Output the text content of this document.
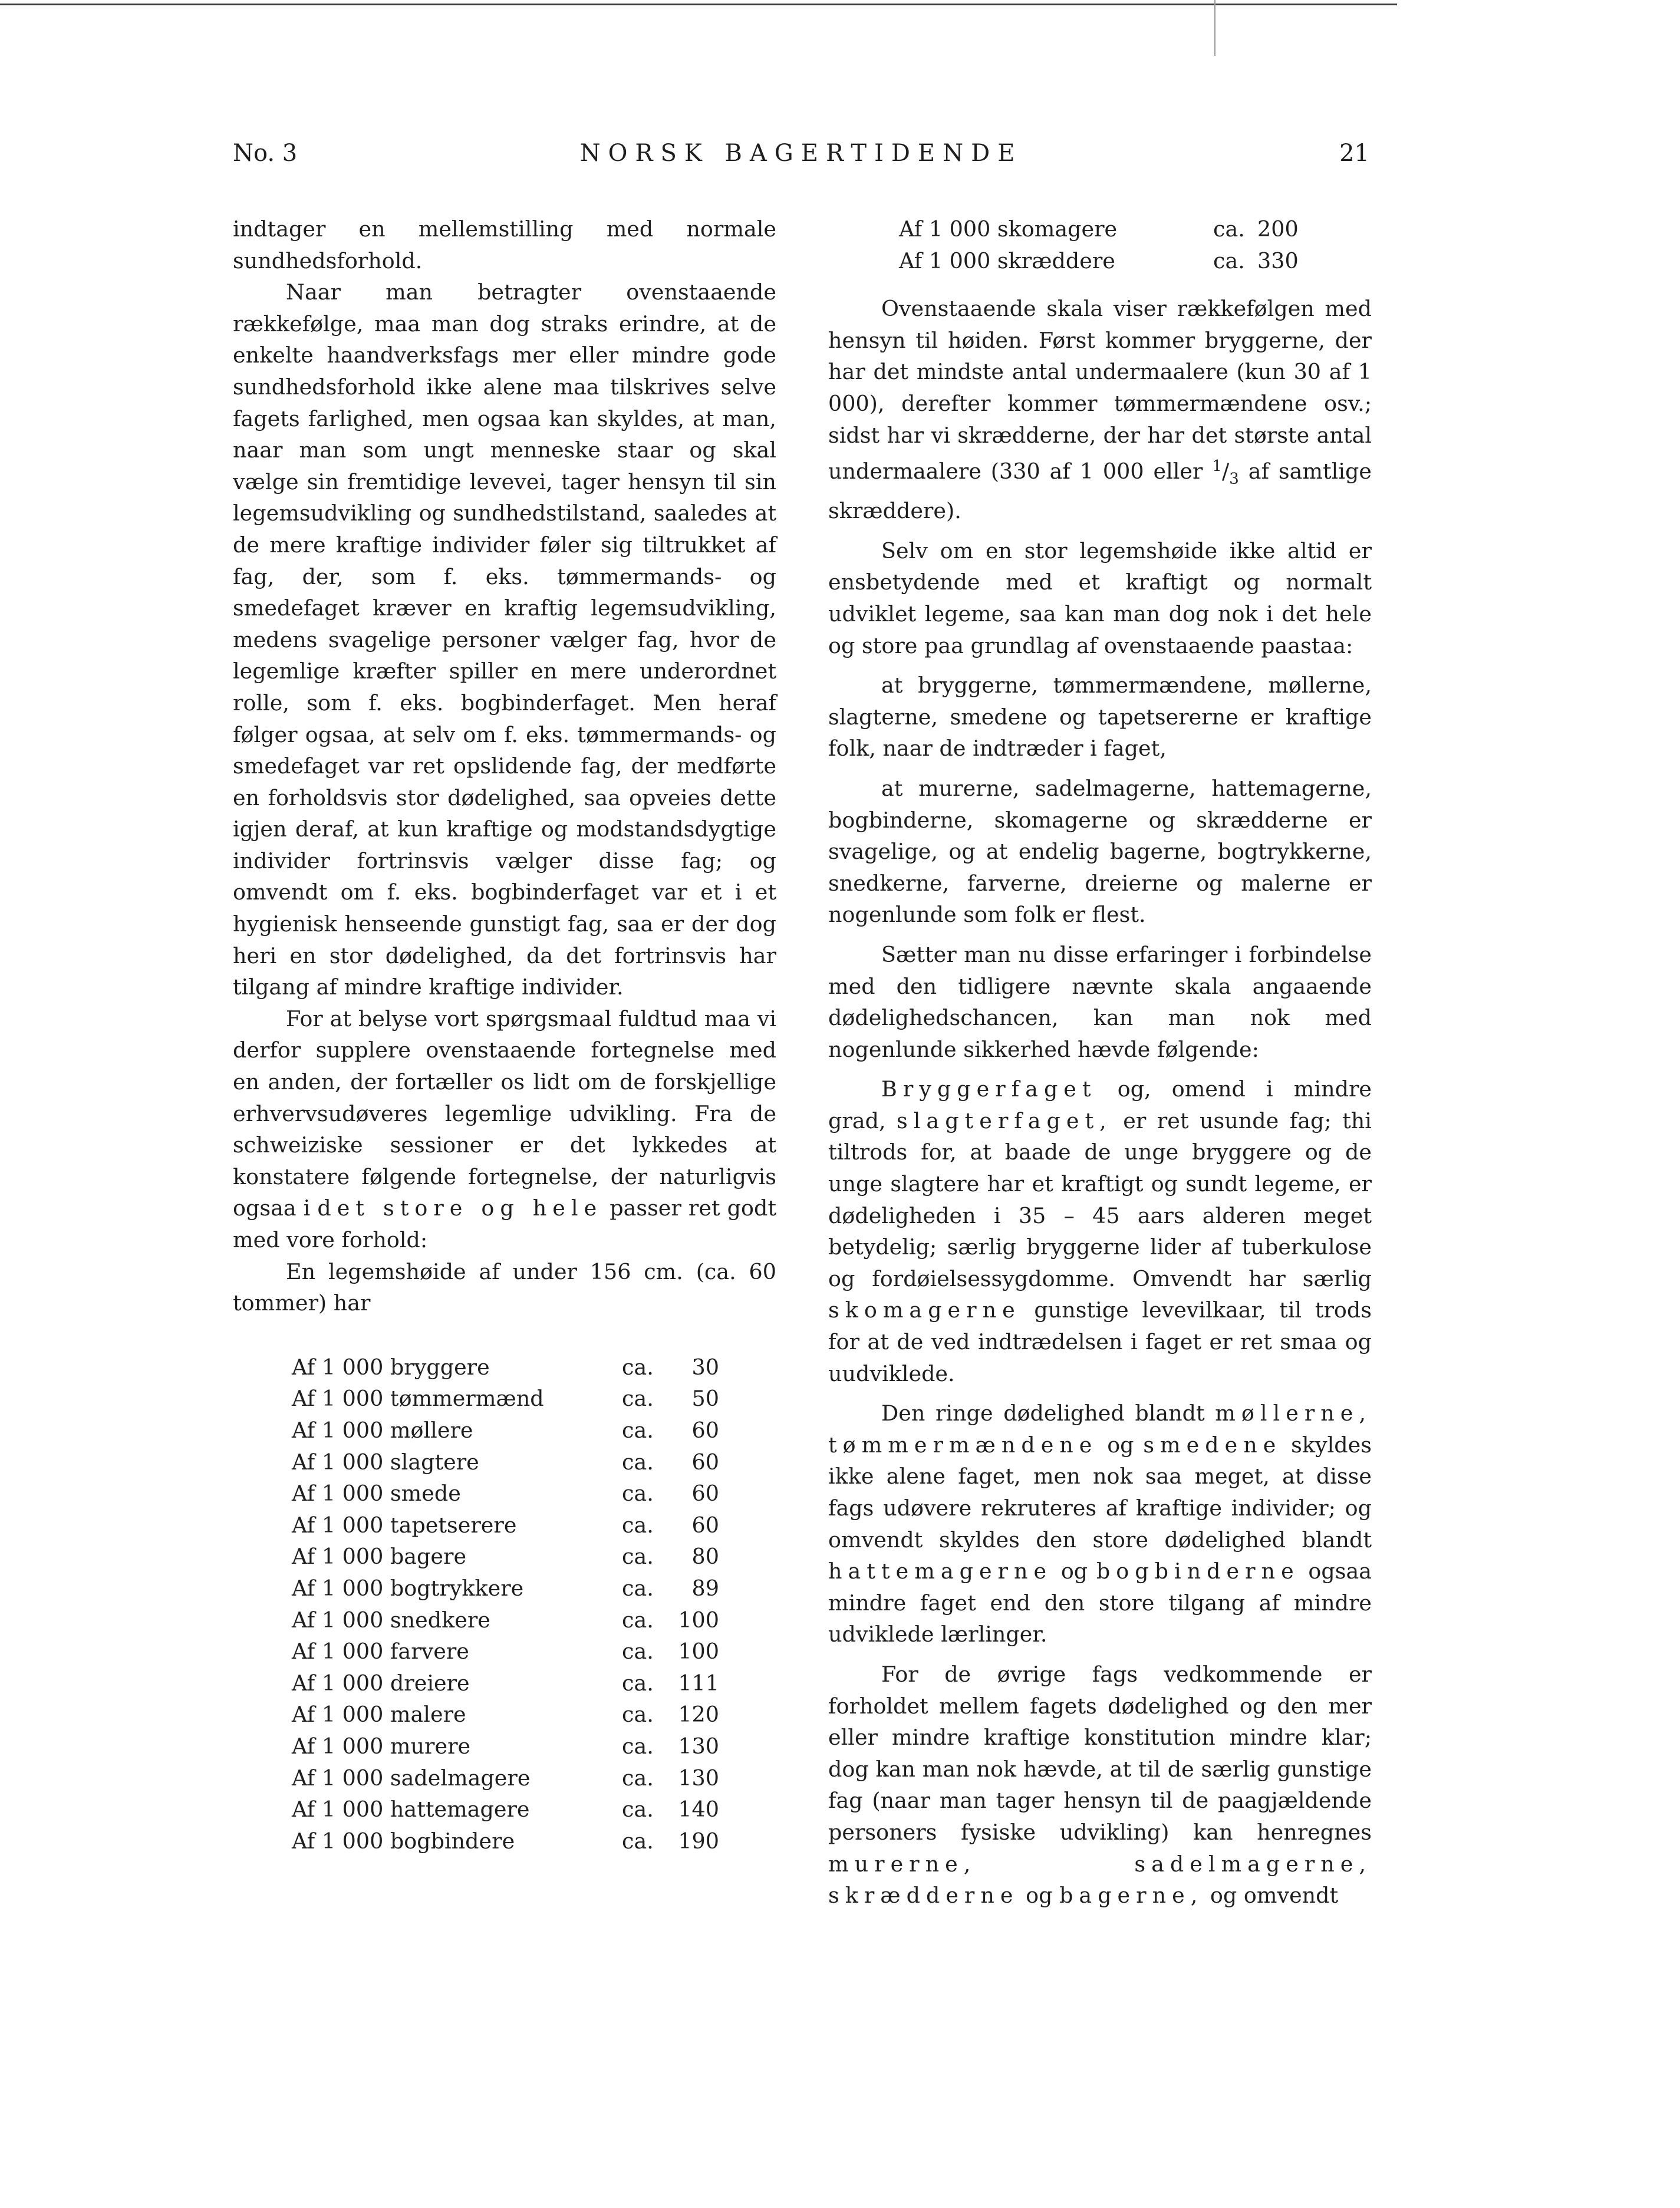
No. 3	NORSK BAGERTIDENDE	21

indtager en mellemstilling med normale sundhedsforhold.

Naar man betragter ovenstaaende rækkefølge, maa man dog straks erindre, at de enkelte haandverksfags mer eller mindre gode sundhedsforhold ikke alene maa tilskrives selve fagets farlighed, men ogsaa kan skyldes, at man, naar man som ungt menneske staar og skal vælge sin fremtidige levevei, tager hensyn til sin legemsudvikling og sundhedstilstand, saaledes at de mere kraftige individer føler sig tiltrukket af fag, der, som f. eks. tømmermands- og smedefaget kræver en kraftig legemsudvikling, medens svagelige personer vælger fag, hvor de legemlige kræfter spiller en mere underordnet rolle, som f. eks. bogbinderfaget. Men heraf følger ogsaa, at selv om f. eks. tømmermands- og smedefaget var ret opslidende fag, der medførte en forholdsvis stor dødelighed, saa opveies dette igjen deraf, at kun kraftige og modstandsdygtige individer fortrinsvis vælger disse fag; og omvendt om f. eks. bogbinderfaget var et i et hygienisk henseende gunstigt fag, saa er der dog heri en stor dødelighed, da det fortrinsvis har tilgang af mindre kraftige individer.

For at belyse vort spørgsmaal fuldtud maa vi derfor supplere ovenstaaende fortegnelse med en anden, der fortæller os lidt om de forskjellige erhvervsudøveres legemlige udvikling. Fra de schweiziske sessioner er det lykkedes at konstatere følgende fortegnelse, der naturligvis ogsaa i det store og hele passer ret godt med vore forhold:

En legemshøide af under 156 cm. (ca. 60 tommer) har

Af 1 000 bryggere	ca.	30
Af 1 000 tømmermænd	ca.	50
Af 1 000 møllere	ca.	60
Af 1 000 slagtere	ca.	60
Af 1 000 smede	ca.	60
Af 1 000 tapetserere	ca.	60
Af 1 000 bagere	ca.	80
Af 1 000 bogtrykkere	ca.	89
Af 1 000 snedkere	ca.	100
Af 1 000 farvere	ca.	100
Af 1 000 dreiere	ca.	111
Af 1 000 malere	ca.	120
Af 1 000 murere	ca.	130
Af 1 000 sadelmagere	ca.	130
Af 1 000 hattemagere	ca.	140
Af 1 000 bogbindere	ca.	190
Af 1 000 skomagere	ca. 200
Af 1 000 skræddere	ca. 330

Ovenstaaende skala viser rækkefølgen med hensyn til høiden. Først kommer bryggerne, der har det mindste antal undermaalere (kun 30 af 1 000), derefter kommer tømmermændene osv.; sidst har vi skrædderne, der har det største antal undermaalere (330 af 1 000 eller $^1/_3$ af samtlige skræddere).

Selv om en stor legemshøide ikke altid er ensbetydende med et kraftigt og normalt udviklet legeme, saa kan man dog nok i det hele og store paa grundlag af ovenstaaende paastaa:

at bryggerne, tømmermændene, møllerne, slagterne, smedene og tapetsererne er kraftige folk, naar de indtræder i faget,

at murerne, sadelmagerne, hattemagerne, bogbinderne, skomagerne og skrædderne er svagelige, og at endelig bagerne, bogtrykkerne, snedkerne, farverne, dreierne og malerne er nogenlunde som folk er flest.

Sætter man nu disse erfaringer i forbindelse med den tidligere nævnte skala angaaende dødelighedschancen, kan man nok med nogenlunde sikkerhed hævde følgende:

Bryggerfaget og, omend i mindre grad, slagterfaget, er ret usunde fag; thi tiltrods for, at baade de unge bryggere og de unge slagtere har et kraftigt og sundt legeme, er dødeligheden i 35 – 45 aars alderen meget betydelig; særlig bryggerne lider af tuberkulose og fordøielsessygdomme. Omvendt har særlig skomagerne gunstige levevilkaar, til trods for at de ved indtrædelsen i faget er ret smaa og uudviklede.

Den ringe dødelighed blandt møllerne, tømmermændene og smedene skyldes ikke alene faget, men nok saa meget, at disse fags udøvere rekruteres af kraftige individer; og omvendt skyldes den store dødelighed blandt hattemagerne og bogbinderne ogsaa mindre faget end den store tilgang af mindre udviklede lærlinger.

For de øvrige fags vedkommende er forholdet mellem fagets dødelighed og den mer eller mindre kraftige konstitution mindre klar; dog kan man nok hævde, at til de særlig gunstige fag (naar man tager hensyn til de paagjældende personers fysiske udvikling) kan henregnes murerne, sadelmagerne, skrædderne og bagerne, og omvendt
